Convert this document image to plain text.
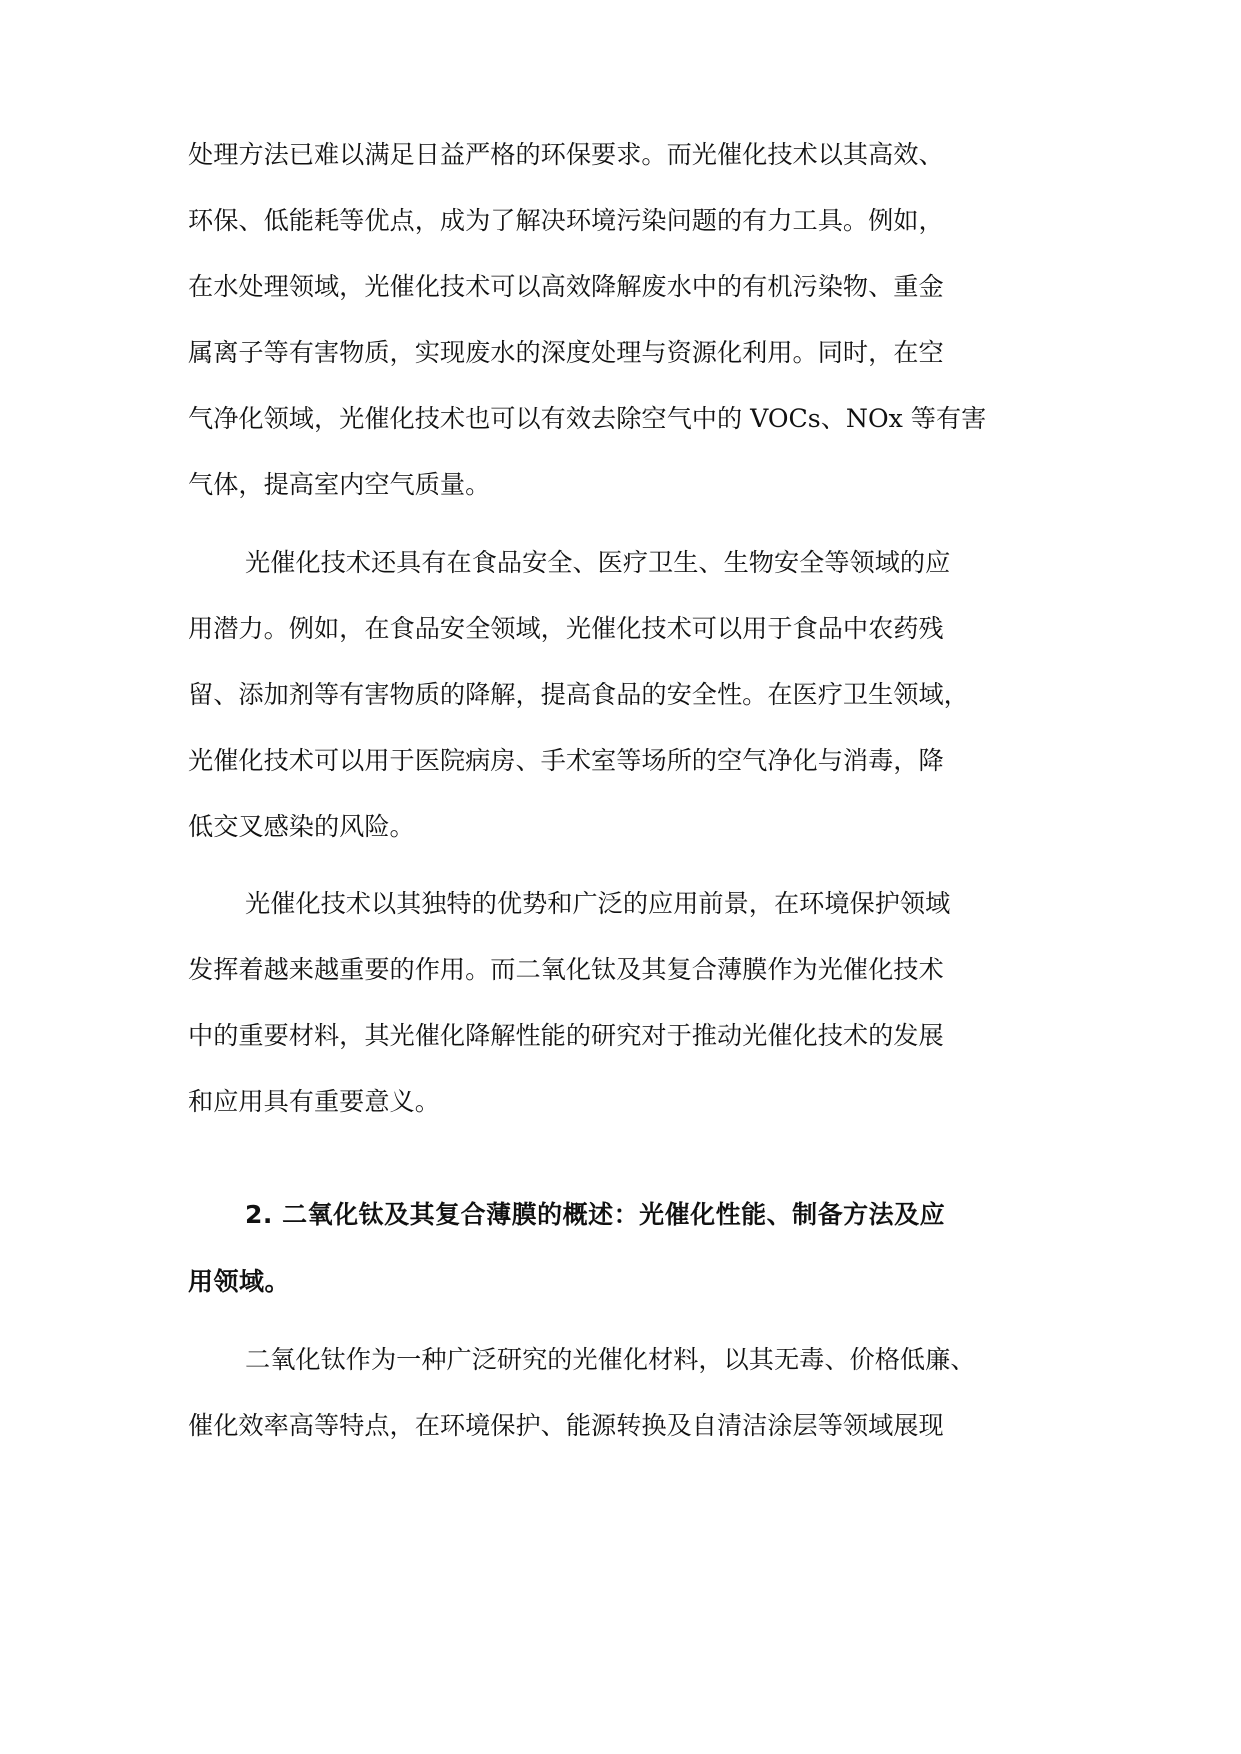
处理方法已难以满足日益严格的环保要求。而光催化技术以其高效、
环保、低能耗等优点，成为了解决环境污染问题的有力工具。例如，
在水处理领域，光催化技术可以高效降解废水中的有机污染物、重金
属离子等有害物质，实现废水的深度处理与资源化利用。同时，在空
气净化领域，光催化技术也可以有效去除空气中的 VOCs、NOx 等有害
气体，提高室内空气质量。
光催化技术还具有在食品安全、医疗卫生、生物安全等领域的应
用潜力。例如，在食品安全领域，光催化技术可以用于食品中农药残
留、添加剂等有害物质的降解，提高食品的安全性。在医疗卫生领域，
光催化技术可以用于医院病房、手术室等场所的空气净化与消毒，降
低交叉感染的风险。
光催化技术以其独特的优势和广泛的应用前景，在环境保护领域
发挥着越来越重要的作用。而二氧化钛及其复合薄膜作为光催化技术
中的重要材料，其光催化降解性能的研究对于推动光催化技术的发展
和应用具有重要意义。
2. 二氧化钛及其复合薄膜的概述：光催化性能、制备方法及应
用领域。
二氧化钛作为一种广泛研究的光催化材料，以其无毒、价格低廉、
催化效率高等特点，在环境保护、能源转换及自清洁涂层等领域展现
